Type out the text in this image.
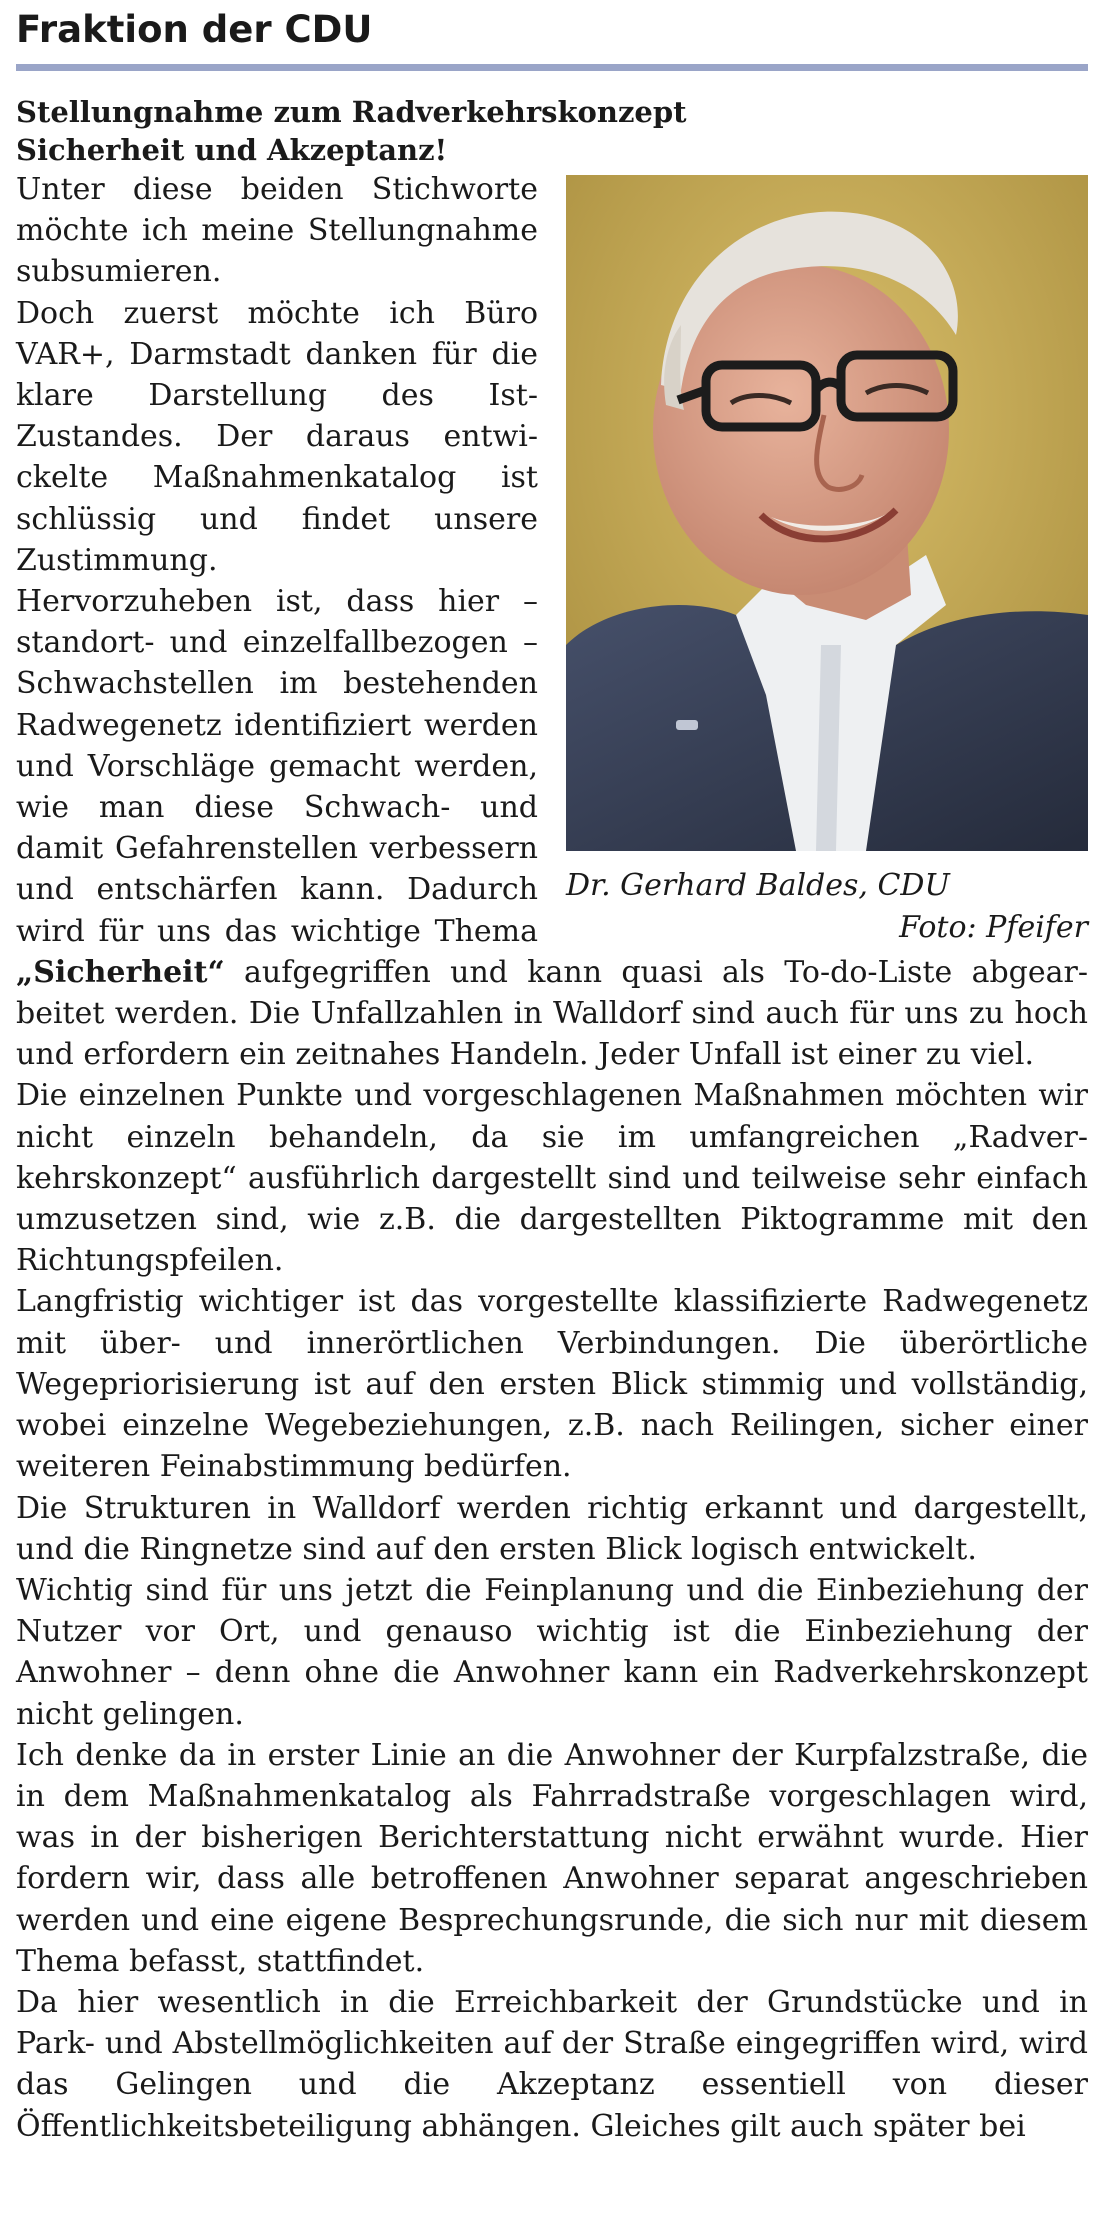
Fraktion der CDU
Stellungnahme zum Radverkehrskonzept
Sicherheit und Akzeptanz!
Dr. Gerhard Baldes, CDU
Foto: Pfeifer

Unter diese beiden Stichworte möchte ich meine Stellungnahme subsumieren.

Doch zuerst möchte ich Büro VAR+, Darmstadt danken für die klare Darstellung des Ist-Zustandes. Der daraus entwickelte Maßnahmenkatalog ist schlüssig und findet unsere Zustimmung.

Hervorzuheben ist, dass hier – standort- und einzelfallbezogen – Schwachstellen im bestehenden Radwegenetz identifiziert werden und Vorschläge gemacht werden, wie man diese Schwach- und damit Gefahrenstellen verbessern und entschärfen kann. Dadurch wird für uns das wichtige Thema „Sicherheit“ aufgegriffen und kann quasi als To-do-Liste abgearbeitet werden. Die Unfallzahlen in Walldorf sind auch für uns zu hoch und erfordern ein zeitnahes Handeln. Jeder Unfall ist einer zu viel.

Die einzelnen Punkte und vorgeschlagenen Maßnahmen möchten wir nicht einzeln behandeln, da sie im umfangreichen „Radverkehrskonzept“ ausführlich dargestellt sind und teilweise sehr einfach umzusetzen sind, wie z.B. die dargestellten Piktogramme mit den Richtungspfeilen.

Langfristig wichtiger ist das vorgestellte klassifizierte Radwegenetz mit über- und innerörtlichen Verbindungen. Die überörtliche Wegepriorisierung ist auf den ersten Blick stimmig und vollständig, wobei einzelne Wegebeziehungen, z.B. nach Reilingen, sicher einer weiteren Feinabstimmung bedürfen.

Die Strukturen in Walldorf werden richtig erkannt und dargestellt, und die Ringnetze sind auf den ersten Blick logisch entwickelt.

Wichtig sind für uns jetzt die Feinplanung und die Einbeziehung der Nutzer vor Ort, und genauso wichtig ist die Einbeziehung der Anwohner – denn ohne die Anwohner kann ein Radverkehrskonzept nicht gelingen.

Ich denke da in erster Linie an die Anwohner der Kurpfalzstraße, die in dem Maßnahmenkatalog als Fahrradstraße vorgeschlagen wird, was in der bisherigen Berichterstattung nicht erwähnt wurde. Hier fordern wir, dass alle betroffenen Anwohner separat angeschrieben werden und eine eigene Besprechungsrunde, die sich nur mit diesem Thema befasst, stattfindet.

Da hier wesentlich in die Erreichbarkeit der Grundstücke und in Park- und Abstellmöglichkeiten auf der Straße eingegriffen wird, wird das Gelingen und die Akzeptanz essentiell von dieser Öffentlichkeitsbeteiligung abhängen. Gleiches gilt auch später bei
